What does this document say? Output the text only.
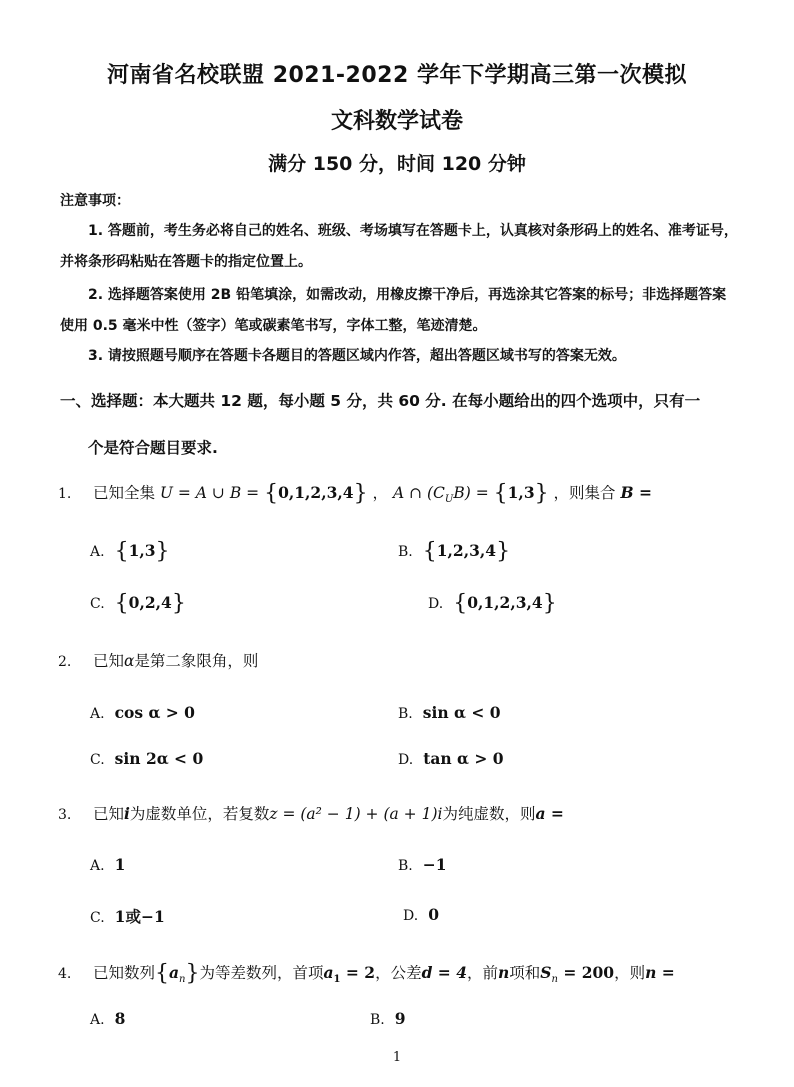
河南省名校联盟 2021-2022 学年下学期高三第一次模拟
文科数学试卷
满分 150 分，时间 120 分钟
注意事项：
1. 答题前，考生务必将自己的姓名、班级、考场填写在答题卡上，认真核对条形码上的姓名、准考证号，并将条形码粘贴在答题卡的指定位置上。
2. 选择题答案使用 2B 铅笔填涂，如需改动，用橡皮擦干净后，再选涂其它答案的标号；非选择题答案使用 0.5 毫米中性（签字）笔或碳素笔书写，字体工整，笔迹清楚。
3. 请按照题号顺序在答题卡各题目的答题区域内作答，超出答题区域书写的答案无效。
一、选择题：本大题共 12 题，每小题 5 分，共 60 分. 在每小题给出的四个选项中，只有一
个是符合题目要求.
1. 已知全集 U = A ∪ B = {0,1,2,3,4} ， A ∩ $(C_UB) = \{1,3\}$ ，则集合 B =
A. {1,3}	B. {1,2,3,4}
C. {0,2,4}	D. {0,1,2,3,4}
2. 已知α是第二象限角，则
A. cos α > 0	B. sin α < 0
C. sin 2α < 0	D. tan α > 0
3. 已知i为虚数单位，若复数z = (a² − 1) + (a + 1)i为纯虚数，则a =
A. 1	B. −1
C. 1或−1	D. 0
4. 已知数列$\{a_n\}$为等差数列，首项$a_1 = 2$，公差d = 4，前n项和$S_n = 200$，则n =
A. 8	B. 9
1
